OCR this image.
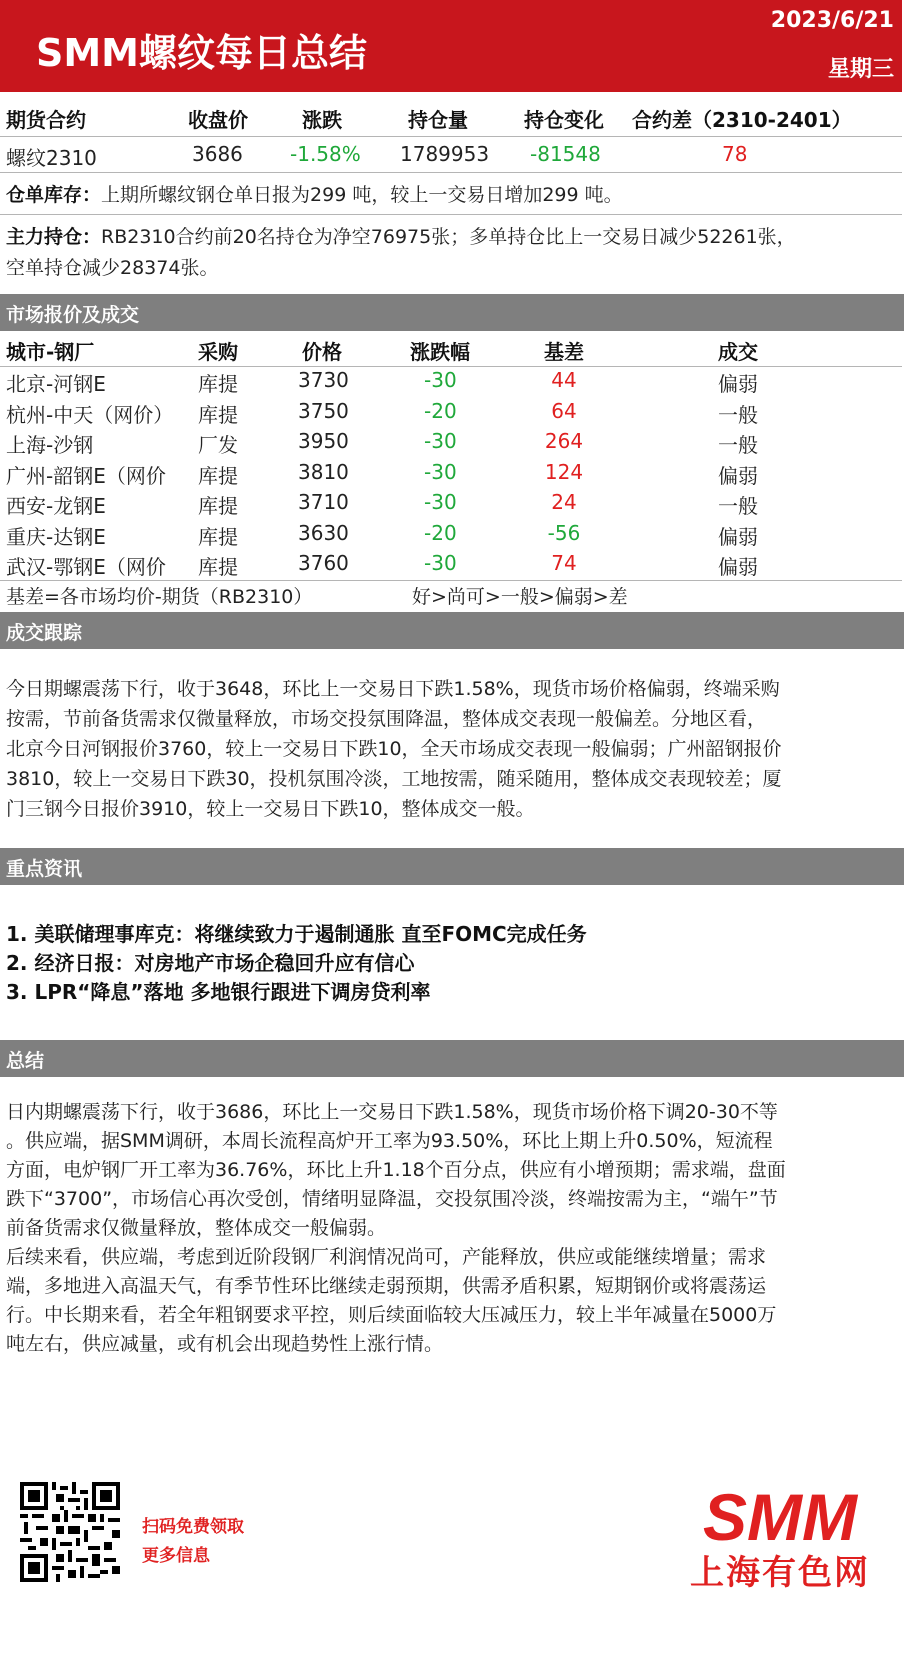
SMM螺纹每日总结
2023/6/21
星期三
期货合约	收盘价	涨跌	持仓量	持仓变化 合约差（2310-2401）
螺纹2310	3686 -1.58% 1789953 -81548	78
仓单库存：上期所螺纹钢仓单日报为299 吨，较上一交易日增加299 吨。
主力持仓：RB2310合约前20名持仓为净空76975张；多单持仓比上一交易日减少52261张，
空单持仓减少28374张。
市场报价及成交
城市-钢厂	采购	价格	涨跌幅	基差	成交
北京-河钢E	库提	3730	-30	44	偏弱
杭州-中天（网价） 库提	3750	-20	64	一般
上海-沙钢	厂发	3950	-30	264	一般
广州-韶钢E（网价 库提	3810	-30	124	偏弱
西安-龙钢E	库提	3710	-30	24	一般
重庆-达钢E	库提	3630	-20	-56	偏弱
武汉-鄂钢E（网价 库提	3760	-30	74	偏弱
基差=各市场均价-期货（RB2310）	好>尚可>一般>偏弱>差
成交跟踪
今日期螺震荡下行，收于3648，环比上一交易日下跌1.58%，现货市场价格偏弱，终端采购
按需，节前备货需求仅微量释放，市场交投氛围降温，整体成交表现一般偏差。分地区看，
北京今日河钢报价3760，较上一交易日下跌10，全天市场成交表现一般偏弱；广州韶钢报价
3810，较上一交易日下跌30，投机氛围冷淡，工地按需，随采随用，整体成交表现较差；厦
门三钢今日报价3910，较上一交易日下跌10，整体成交一般。
重点资讯
1. 美联储理事库克：将继续致力于遏制通胀 直至FOMC完成任务
2. 经济日报：对房地产市场企稳回升应有信心
3. LPR“降息”落地 多地银行跟进下调房贷利率
总结
日内期螺震荡下行，收于3686，环比上一交易日下跌1.58%，现货市场价格下调20-30不等
。供应端，据SMM调研，本周长流程高炉开工率为93.50%，环比上期上升0.50%，短流程
方面，电炉钢厂开工率为36.76%，环比上升1.18个百分点，供应有小增预期；需求端，盘面
跌下“3700”，市场信心再次受创，情绪明显降温，交投氛围冷淡，终端按需为主，“端午”节
前备货需求仅微量释放，整体成交一般偏弱。
后续来看，供应端，考虑到近阶段钢厂利润情况尚可，产能释放，供应或能继续增量；需求
端，多地进入高温天气，有季节性环比继续走弱预期，供需矛盾积累，短期钢价或将震荡运
行。中长期来看，若全年粗钢要求平控，则后续面临较大压减压力，较上半年减量在5000万
吨左右，供应减量，或有机会出现趋势性上涨行情。
扫码免费领取
更多信息
SMM
上海有色网
